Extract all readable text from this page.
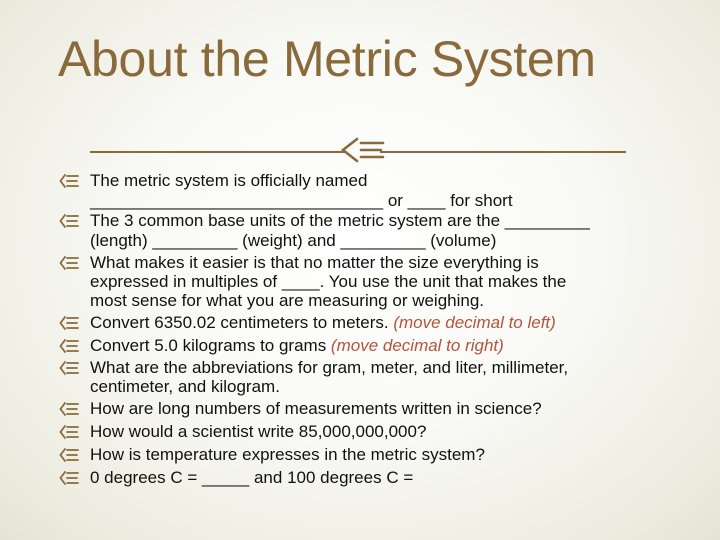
About the Metric System
The metric system is officially named
_______________________________ or ____ for short
The 3 common base units of the metric system are the _________
(length) _________ (weight) and _________ (volume)
What makes it easier is that no matter the size everything is
expressed in multiples of ____. You use the unit that makes the
most sense for what you are measuring or weighing.
Convert 6350.02 centimeters to meters. (move decimal to left)
Convert 5.0 kilograms to grams (move decimal to right)
What are the abbreviations for gram, meter, and liter, millimeter,
centimeter, and kilogram.
How are long numbers of measurements written in science?
How would a scientist write 85,000,000,000?
How is temperature expresses in the metric system?
0 degrees C = _____ and 100 degrees C =
